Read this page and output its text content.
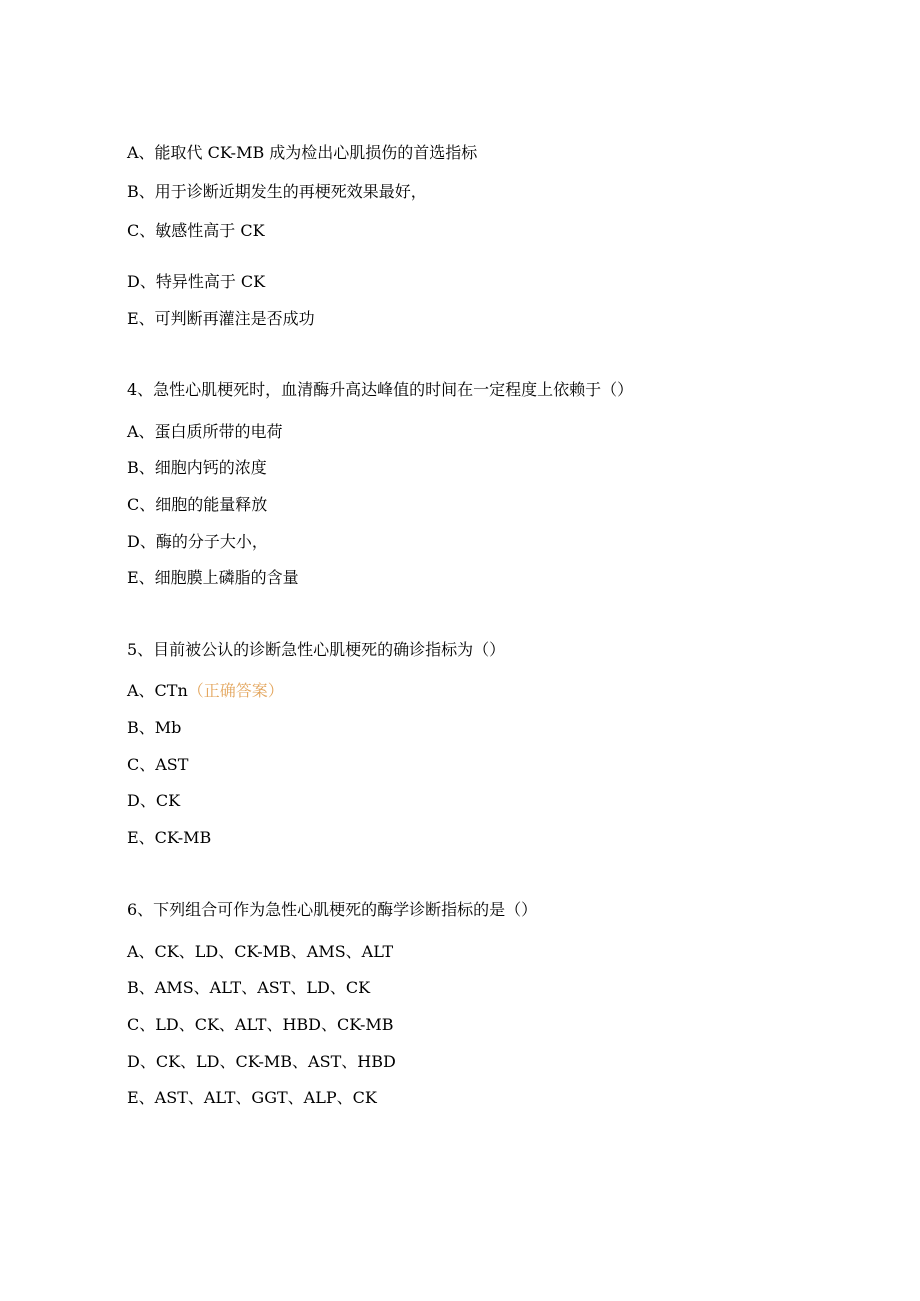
A、能取代 CK-MB 成为检出心肌损伤的首选指标
B、用于诊断近期发生的再梗死效果最好，
C、敏感性高于 CK
D、特异性高于 CK
E、可判断再灌注是否成功
4、急性心肌梗死时，血清酶升高达峰值的时间在一定程度上依赖于（）
A、蛋白质所带的电荷
B、细胞内钙的浓度
C、细胞的能量释放
D、酶的分子大小，
E、细胞膜上磷脂的含量
5、目前被公认的诊断急性心肌梗死的确诊指标为（）
A、CTn（正确答案）
B、Mb
C、AST
D、CK
E、CK-MB
6、下列组合可作为急性心肌梗死的酶学诊断指标的是（）
A、CK、LD、CK-MB、AMS、ALT
B、AMS、ALT、AST、LD、CK
C、LD、CK、ALT、HBD、CK-MB
D、CK、LD、CK-MB、AST、HBD
E、AST、ALT、GGT、ALP、CK
